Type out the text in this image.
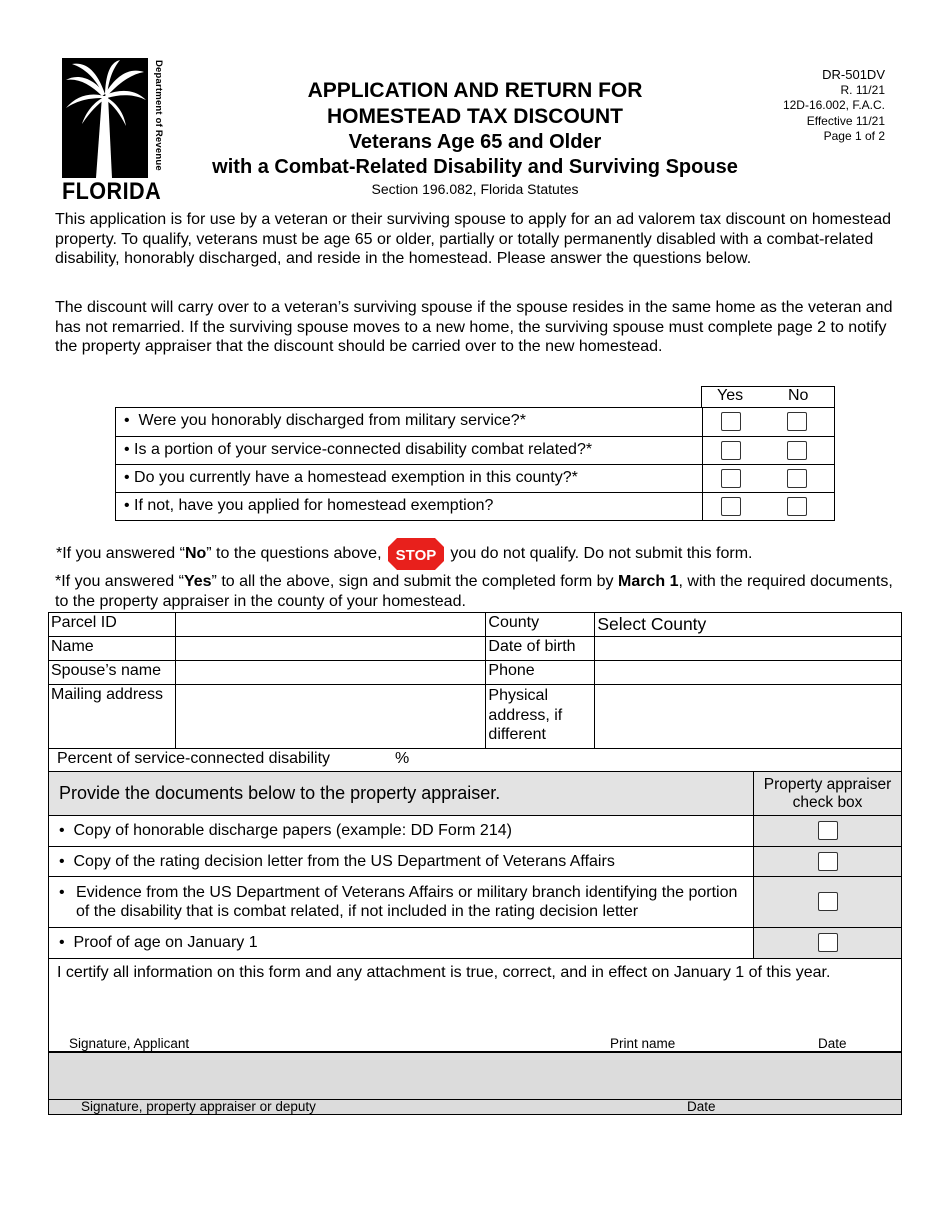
Department of Revenue
FLORIDA
APPLICATION AND RETURN FOR
HOMESTEAD TAX DISCOUNT
Veterans Age 65 and Older
with a Combat-Related Disability and Surviving Spouse
Section 196.082, Florida Statutes
DR-501DV
R. 11/21
12D-16.002, F.A.C.
Effective 11/21
Page 1 of 2
This application is for use by a veteran or their surviving spouse to apply for an ad valorem tax discount on homestead property. To qualify, veterans must be age 65 or older, partially or totally permanently disabled with a combat-related disability, honorably discharged, and reside in the homestead. Please answer the questions below.
The discount will carry over to a veteran’s surviving spouse if the spouse resides in the same home as the veteran and has not remarried. If the surviving spouse moves to a new home, the surviving spouse must complete page 2 to notify the property appraiser that the discount should be carried over to the new homestead.
Yes	No
•  Were you honorably discharged from military service?*
• Is a portion of your service-connected disability combat related?*
• Do you currently have a homestead exemption in this county?*
• If not, have you applied for homestead exemption?
*If you answered “No” to the questions above, STOP you do not qualify. Do not submit this form.
*If you answered “Yes” to all the above, sign and submit the completed form by March 1, with the required documents, to the property appraiser in the county of your homestead.
Parcel ID		County	Select County
Name		Date of birth	
Spouse’s name		Phone	
Mailing address		Physical address, if different	
Percent of service-connected disability %			
Provide the documents below to the property appraiser.	Property appraiser check box
•  Copy of honorable discharge papers (example: DD Form 214)	

•  Copy of the rating decision letter from the US Department of Veterans Affairs	

• Evidence from the US Department of Veterans Affairs or military branch identifying the portion of the disability that is combat related, if not included in the rating decision letter	

•  Proof of age on January 1	
I certify all information on this form and any attachment is true, correct, and in effect on January 1 of this year.
Signature, Applicant	Print name	Date
Signature, property appraiser or deputy	Date
